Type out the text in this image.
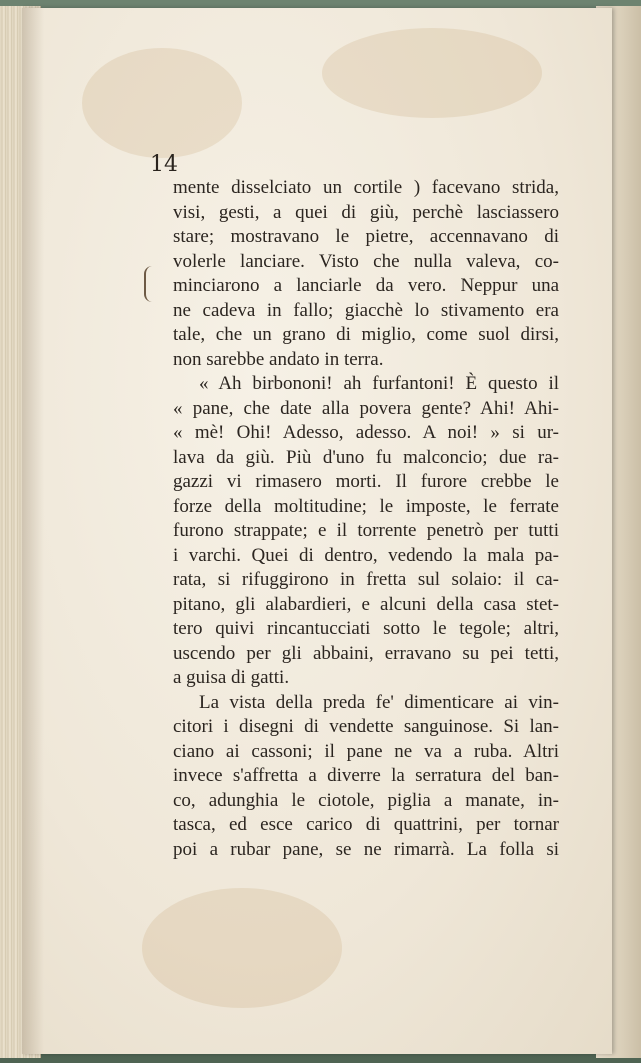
14
mente disselciato un cortile ) facevano strida,
visi, gesti, a quei di giù, perchè lasciassero
stare; mostravano le pietre, accennavano di
volerle lanciare. Visto che nulla valeva, co-
minciarono a lanciarle da vero. Neppur una
ne cadeva in fallo; giacchè lo stivamento era
tale, che un grano di miglio, come suol dirsi,
non sarebbe andato in terra.
« Ah birbononi! ah furfantoni! È questo il
« pane, che date alla povera gente? Ahi! Ahi-
« mè! Ohi! Adesso, adesso. A noi! » si ur-
lava da giù. Più d'uno fu malconcio; due ra-
gazzi vi rimasero morti. Il furore crebbe le
forze della moltitudine; le imposte, le ferrate
furono strappate; e il torrente penetrò per tutti
i varchi. Quei di dentro, vedendo la mala pa-
rata, si rifuggirono in fretta sul solaio: il ca-
pitano, gli alabardieri, e alcuni della casa stet-
tero quivi rincantucciati sotto le tegole; altri,
uscendo per gli abbaini, erravano su pei tetti,
a guisa di gatti.
La vista della preda fe' dimenticare ai vin-
citori i disegni di vendette sanguinose. Si lan-
ciano ai cassoni; il pane ne va a ruba. Altri
invece s'affretta a diverre la serratura del ban-
co, adunghia le ciotole, piglia a manate, in-
tasca, ed esce carico di quattrini, per tornar
poi a rubar pane, se ne rimarrà. La folla si
